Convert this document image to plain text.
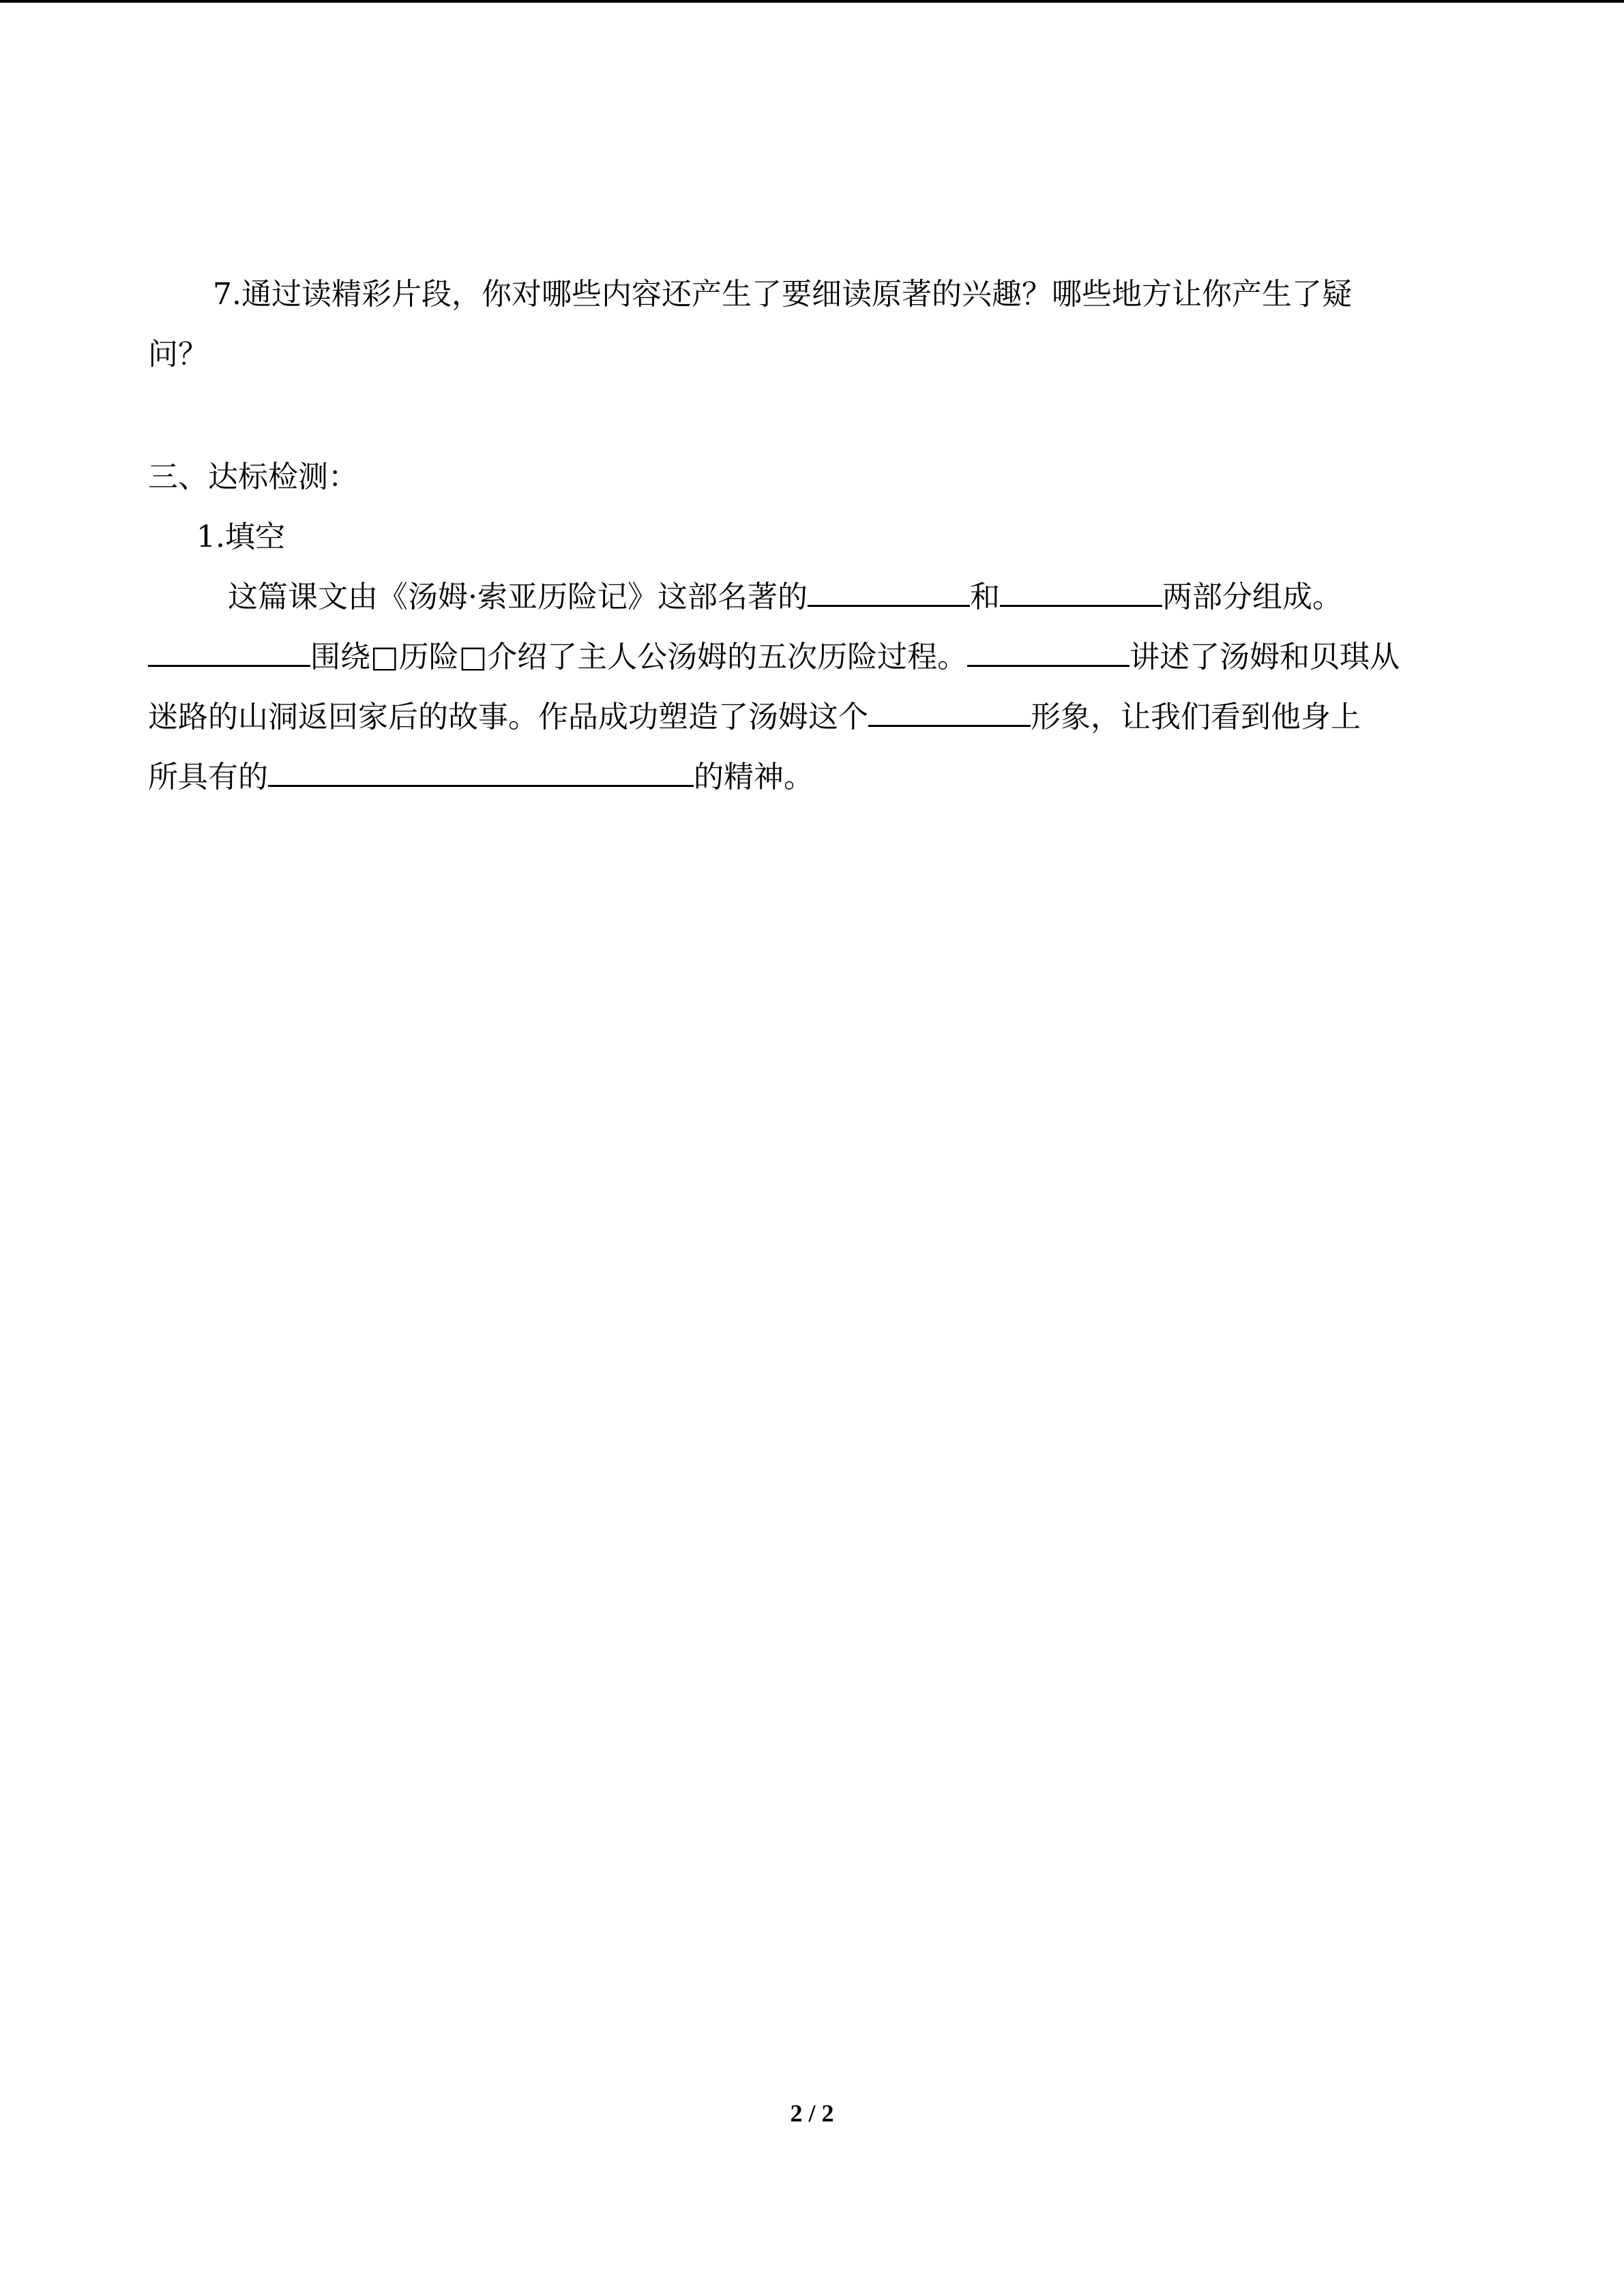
7.通过读精彩片段，你对哪些内容还产生了要细读原著的兴趣？哪些地方让你产生了疑

问？

三、达标检测：

1.填空

这篇课文由《汤姆·索亚历险记》这部名著的	和	两部分组成。

围绕□历险□介绍了主人公汤姆的五次历险过程。	讲述了汤姆和贝琪从

迷路的山洞返回家后的故事。作品成功塑造了汤姆这个	形象，让我们看到他身上

所具有的	的精神。

2 / 2
